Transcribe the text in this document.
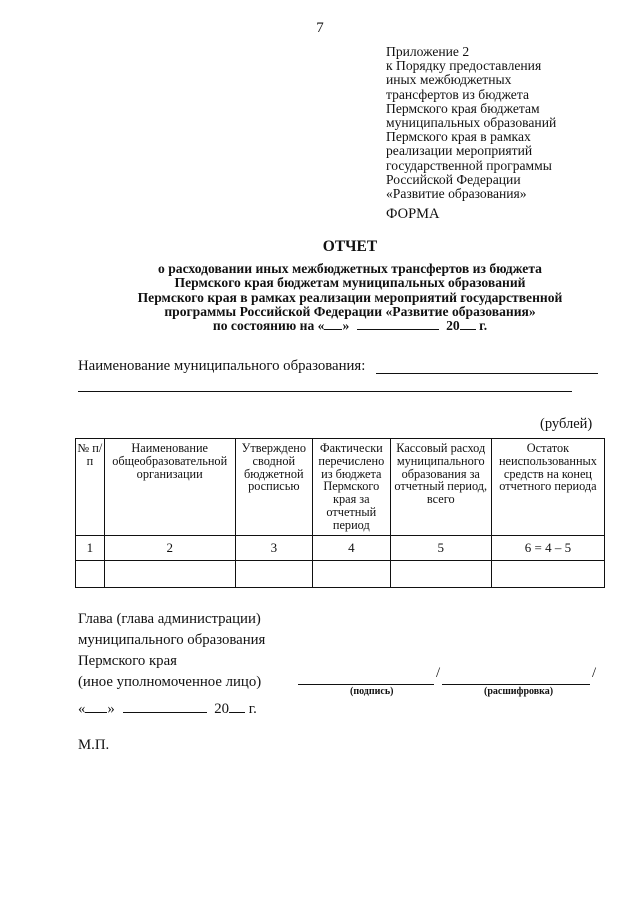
7
Приложение 2
к Порядку предоставления
иных межбюджетных
трансфертов из бюджета
Пермского края бюджетам
муниципальных образований
Пермского края в рамках
реализации мероприятий
государственной программы
Российской Федерации
«Развитие образования»
ФОРМА
ОТЧЕТ
о расходовании иных межбюджетных трансфертов из бюджета
Пермского края бюджетам муниципальных образований
Пермского края в рамках реализации мероприятий государственной
программы Российской Федерации «Развитие образования»
по состоянию на « »	20 г.
Наименование муниципального образования:
(рублей)
№ п/п	Наименование общеобразовательной организации	Утверждено сводной бюджетной росписью	Фактически перечислено из бюджета Пермского края за отчетный период	Кассовый расход муниципального образования за отчетный период, всего	Остаток неиспользованных средств на конец отчетного периода
1	2	3	4	5	6 = 4 – 5

Глава (глава администрации)
муниципального образования
Пермского края
(иное уполномоченное лицо)
« »	20 г.
/	/
(подпись)	(расшифровка)
М.П.
